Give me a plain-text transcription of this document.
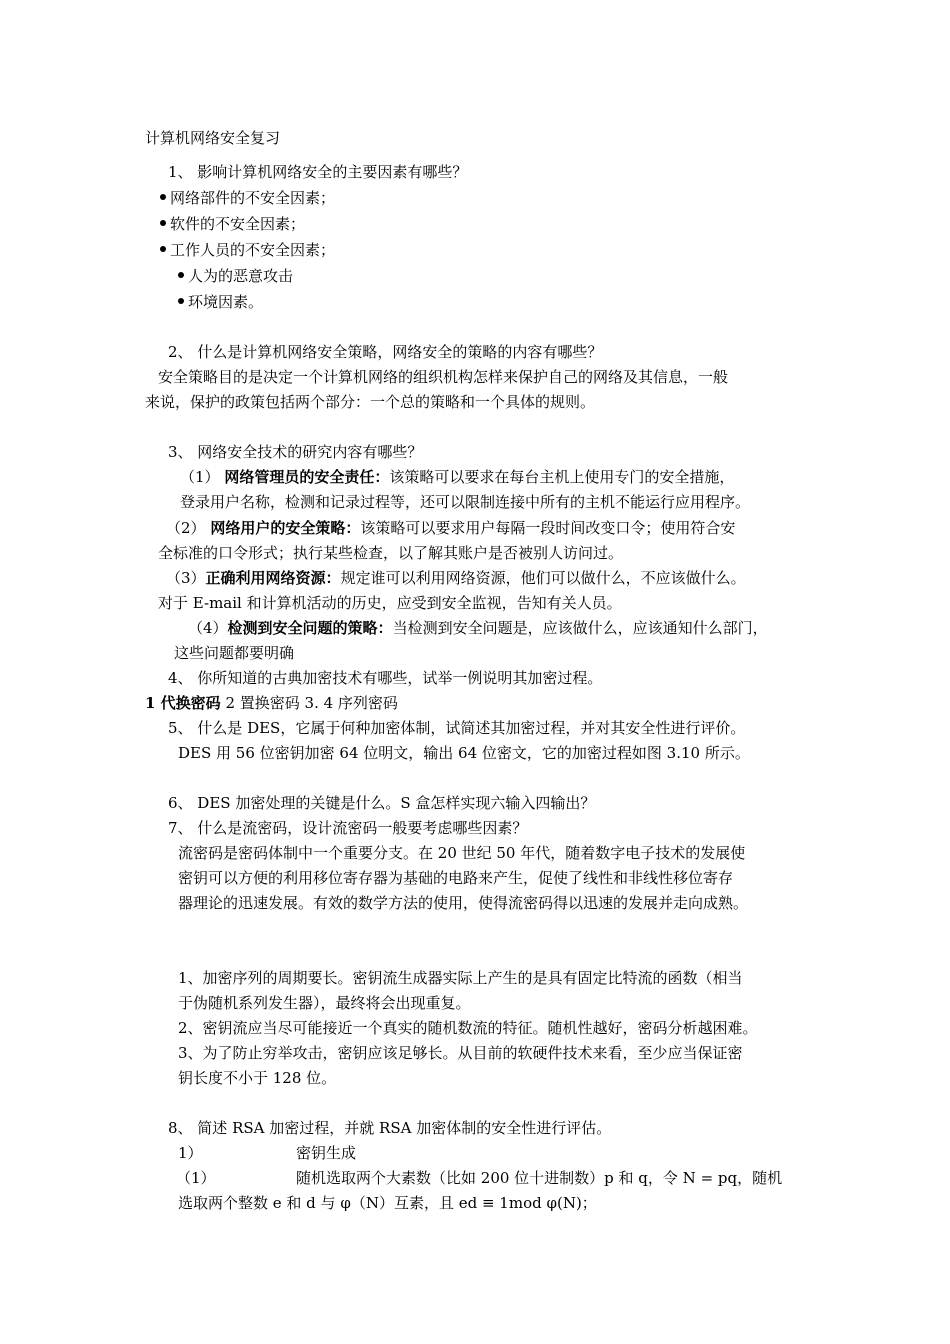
计算机网络安全复习
1、 影响计算机网络安全的主要因素有哪些？
网络部件的不安全因素；
软件的不安全因素；
工作人员的不安全因素；
人为的恶意攻击
环境因素。
2、 什么是计算机网络安全策略，网络安全的策略的内容有哪些？
安全策略目的是决定一个计算机网络的组织机构怎样来保护自己的网络及其信息，一般
来说，保护的政策包括两个部分：一个总的策略和一个具体的规则。
3、 网络安全技术的研究内容有哪些？
（1） 网络管理员的安全责任：该策略可以要求在每台主机上使用专门的安全措施，
登录用户名称，检测和记录过程等，还可以限制连接中所有的主机不能运行应用程序。
（2） 网络用户的安全策略：该策略可以要求用户每隔一段时间改变口令；使用符合安
全标准的口令形式；执行某些检查，以了解其账户是否被别人访问过。
（3）正确利用网络资源：规定谁可以利用网络资源，他们可以做什么，不应该做什么。
对于 E-mail 和计算机活动的历史，应受到安全监视，告知有关人员。
（4）检测到安全问题的策略：当检测到安全问题是，应该做什么，应该通知什么部门，
这些问题都要明确
4、 你所知道的古典加密技术有哪些，试举一例说明其加密过程。
1 代换密码 2 置换密码 3. 4 序列密码
5、 什么是 DES，它属于何种加密体制，试简述其加密过程，并对其安全性进行评价。
DES 用 56 位密钥加密 64 位明文，输出 64 位密文，它的加密过程如图 3.10 所示。
6、 DES 加密处理的关键是什么。S 盒怎样实现六输入四输出？
7、 什么是流密码，设计流密码一般要考虑哪些因素？
流密码是密码体制中一个重要分支。在 20 世纪 50 年代，随着数字电子技术的发展使
密钥可以方便的利用移位寄存器为基础的电路来产生，促使了线性和非线性移位寄存
器理论的迅速发展。有效的数学方法的使用，使得流密码得以迅速的发展并走向成熟。
1、加密序列的周期要长。密钥流生成器实际上产生的是具有固定比特流的函数（相当
于伪随机系列发生器），最终将会出现重复。
2、密钥流应当尽可能接近一个真实的随机数流的特征。随机性越好，密码分析越困难。
3、为了防止穷举攻击，密钥应该足够长。从目前的软硬件技术来看，至少应当保证密
钥长度不小于 128 位。
8、 简述 RSA 加密过程，并就 RSA 加密体制的安全性进行评估。
1）	密钥生成
（1）	随机选取两个大素数（比如 200 位十进制数）p 和 q，令 N = pq，随机
选取两个整数 e 和 d 与 φ（N）互素，且 ed ≡ 1mod φ(N)；
